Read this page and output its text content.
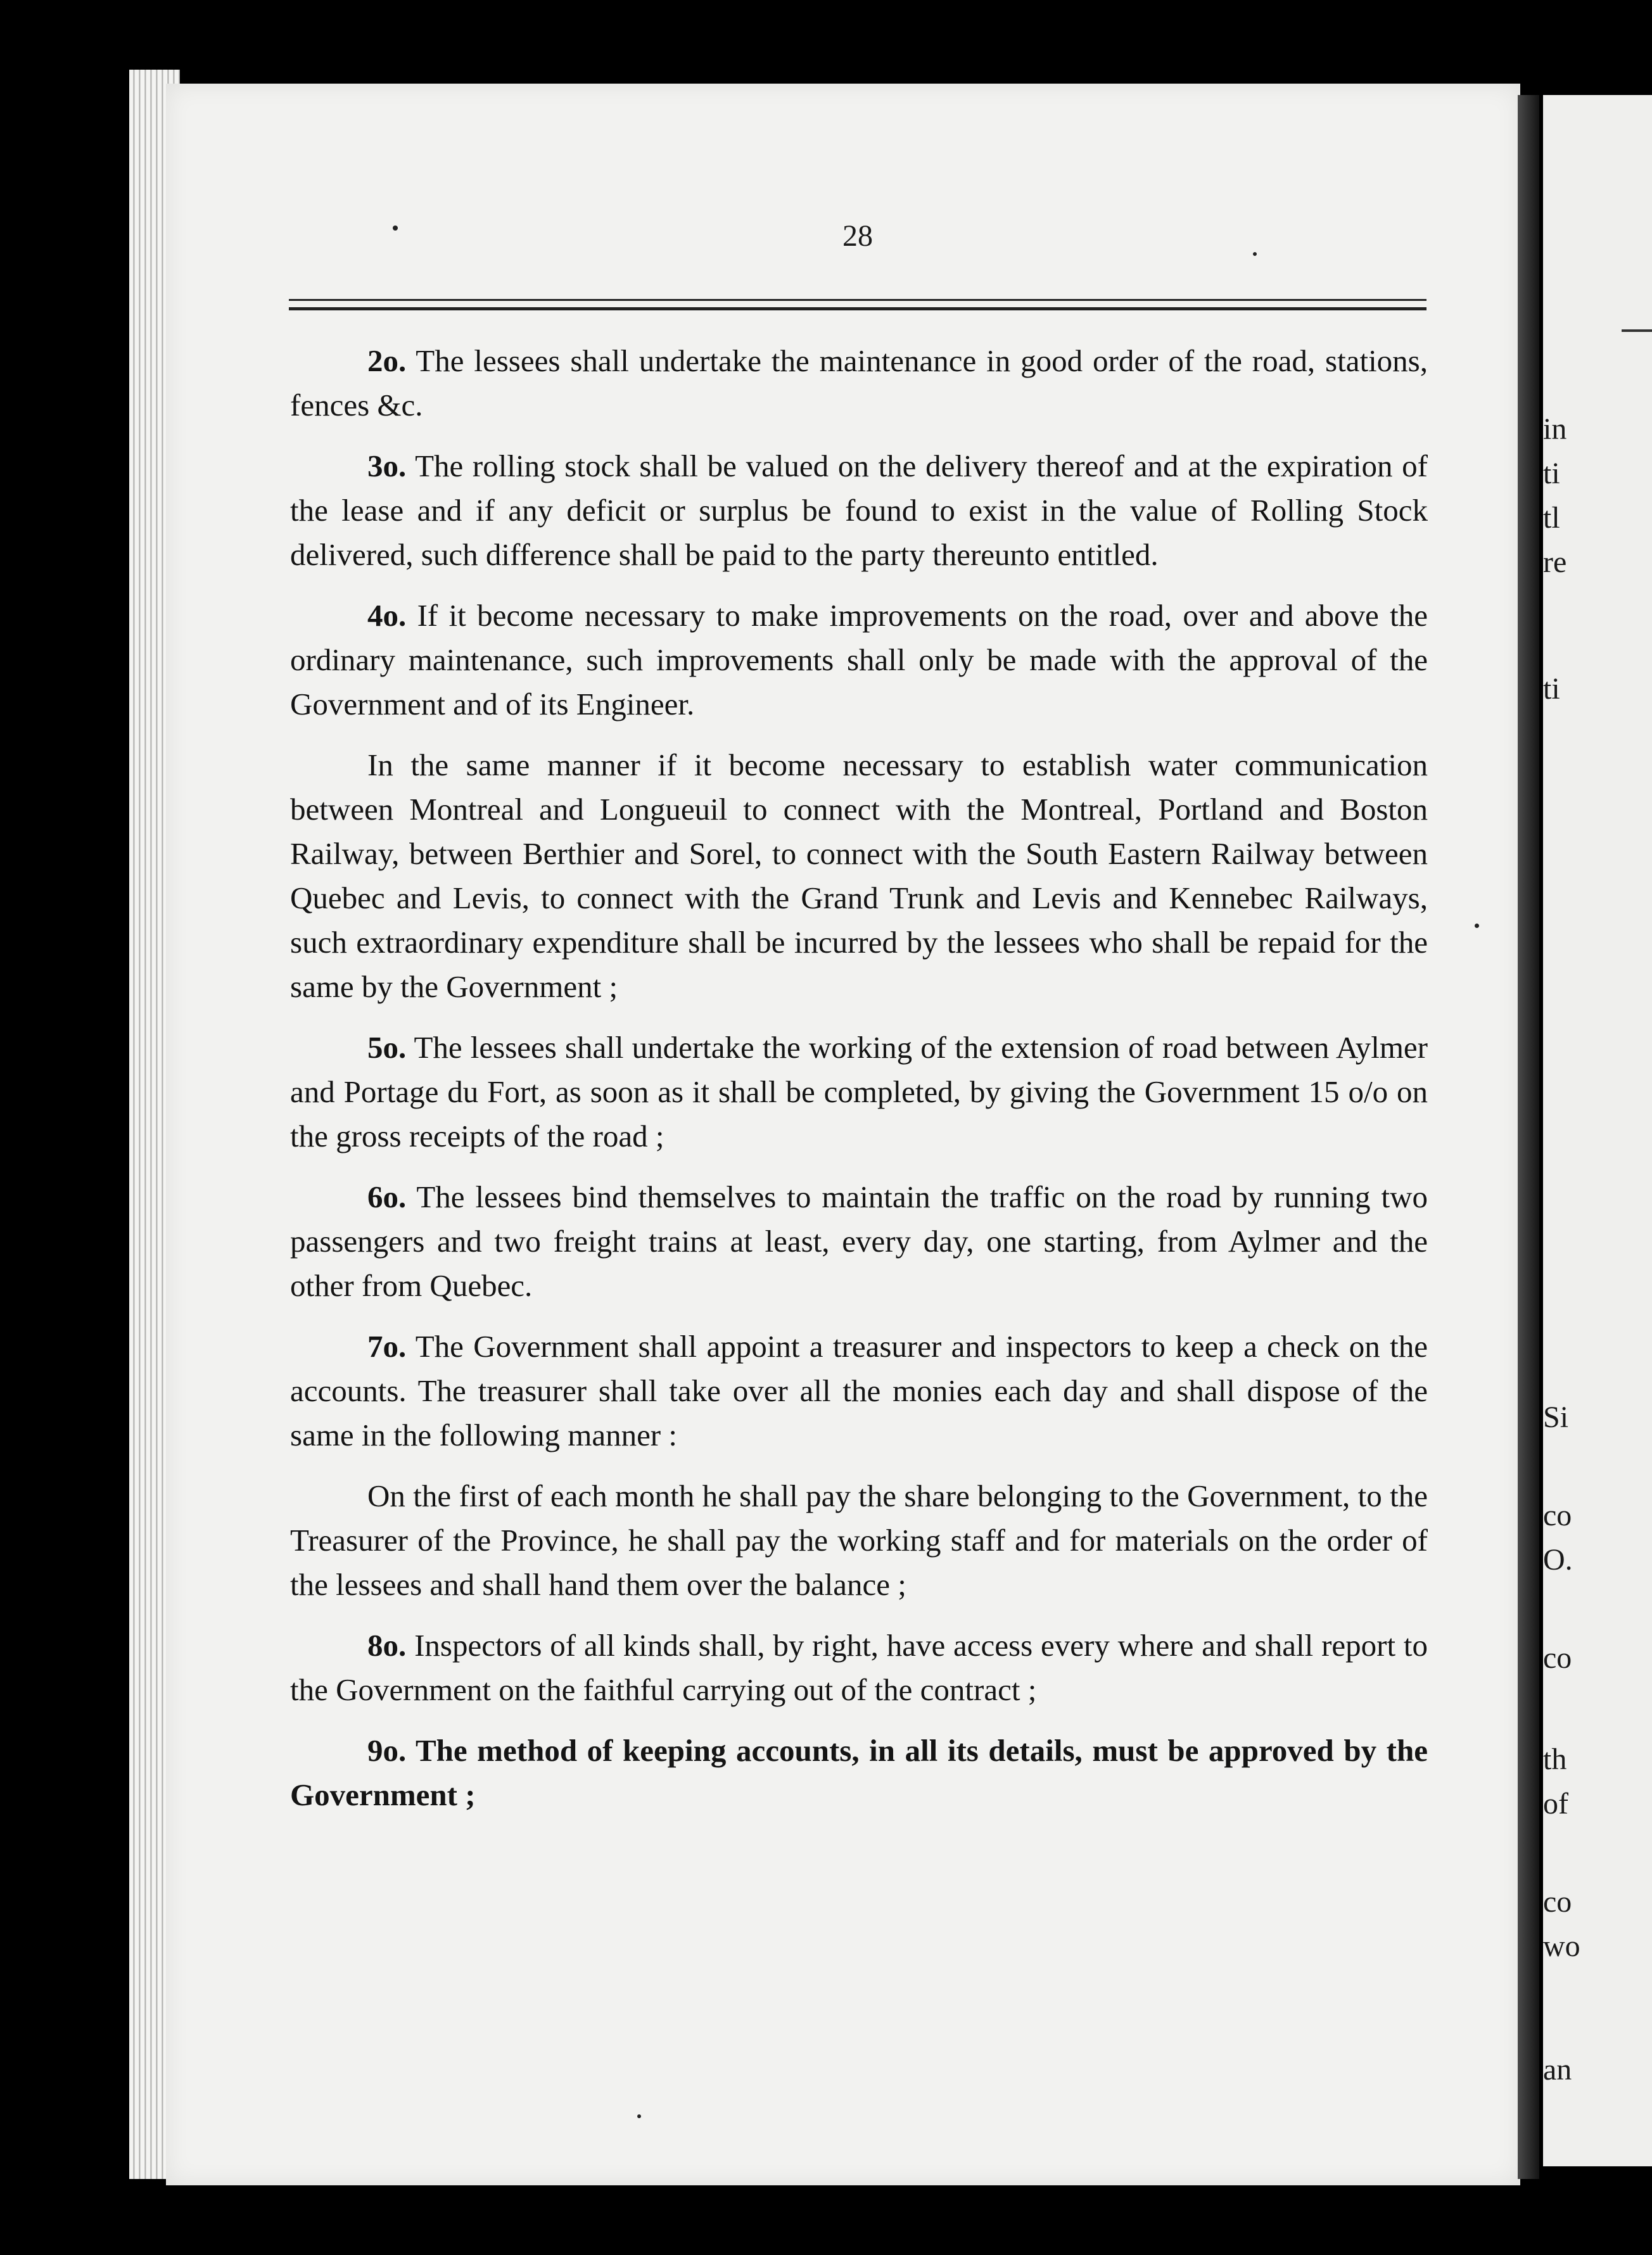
in
ti
tl
re
ti
Si
co
O.
co
th
of
co
wo
an
28

2o. The lessees shall undertake the maintenance in good order of the road, stations, fences &c.

3o. The rolling stock shall be valued on the delivery thereof and at the expiration of the lease and if any deficit or surplus be found to exist in the value of Rolling Stock delivered, such difference shall be paid to the party thereunto entitled.

4o. If it become necessary to make improvements on the road, over and above the ordinary maintenance, such improvements shall only be made with the approval of the Government and of its Engineer.

In the same manner if it become necessary to establish water communication between Montreal and Longueuil to connect with the Montreal, Portland and Boston Railway, between Berthier and Sorel, to connect with the South Eastern Railway between Quebec and Levis, to connect with the Grand Trunk and Levis and Kennebec Railways, such extraordinary expenditure shall be incurred by the lessees who shall be repaid for the same by the Government ;

5o. The lessees shall undertake the working of the extension of road between Aylmer and Portage du Fort, as soon as it shall be completed, by giving the Government 15 o/o on the gross receipts of the road ;

6o. The lessees bind themselves to maintain the traffic on the road by running two passengers and two freight trains at least, every day, one starting, from Aylmer and the other from Quebec.

7o. The Government shall appoint a treasurer and inspectors to keep a check on the accounts. The treasurer shall take over all the monies each day and shall dispose of the same in the following manner :

On the first of each month he shall pay the share belonging to the Government, to the Treasurer of the Province, he shall pay the working staff and for materials on the order of the lessees and shall hand them over the balance ;

8o. Inspectors of all kinds shall, by right, have access every where and shall report to the Government on the faithful carrying out of the contract ;

9o. The method of keeping accounts, in all its details, must be approved by the Government ;
